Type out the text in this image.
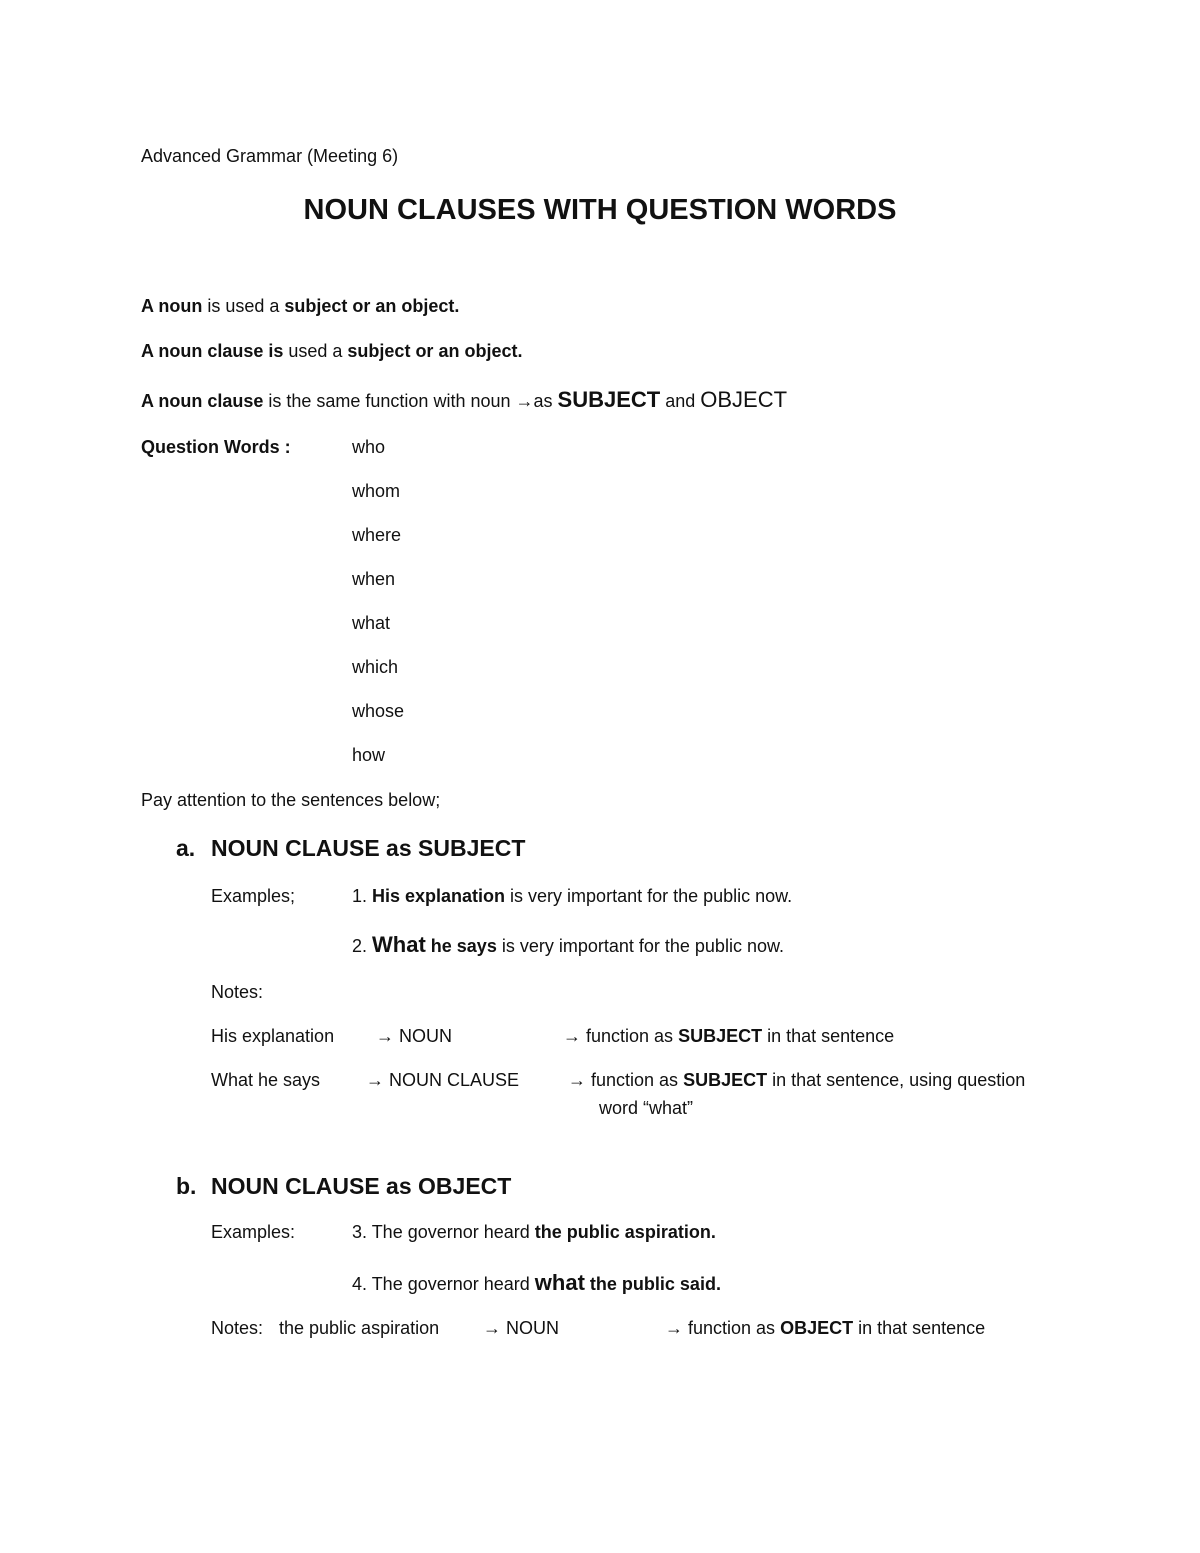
Advanced Grammar (Meeting 6)
NOUN CLAUSES WITH QUESTION WORDS
A noun is used a subject or an object.
A noun clause is used a subject or an object.
A noun clause is the same function with noun →as SUBJECT and OBJECT
Question Words :	who
whom
where
when
what
which
whose
how
Pay attention to the sentences below;
a. NOUN CLAUSE as SUBJECT
Examples;	1. His explanation is very important for the public now.
2. What he says is very important for the public now.
Notes:
His explanation → NOUN	→ function as SUBJECT in that sentence
What he says	→ NOUN CLAUSE	→ function as SUBJECT in that sentence, using question
word “what”
b. NOUN CLAUSE as OBJECT
Examples:	3. The governor heard the public aspiration.
4. The governor heard what the public said.
Notes: the public aspiration → NOUN	→ function as OBJECT in that sentence
